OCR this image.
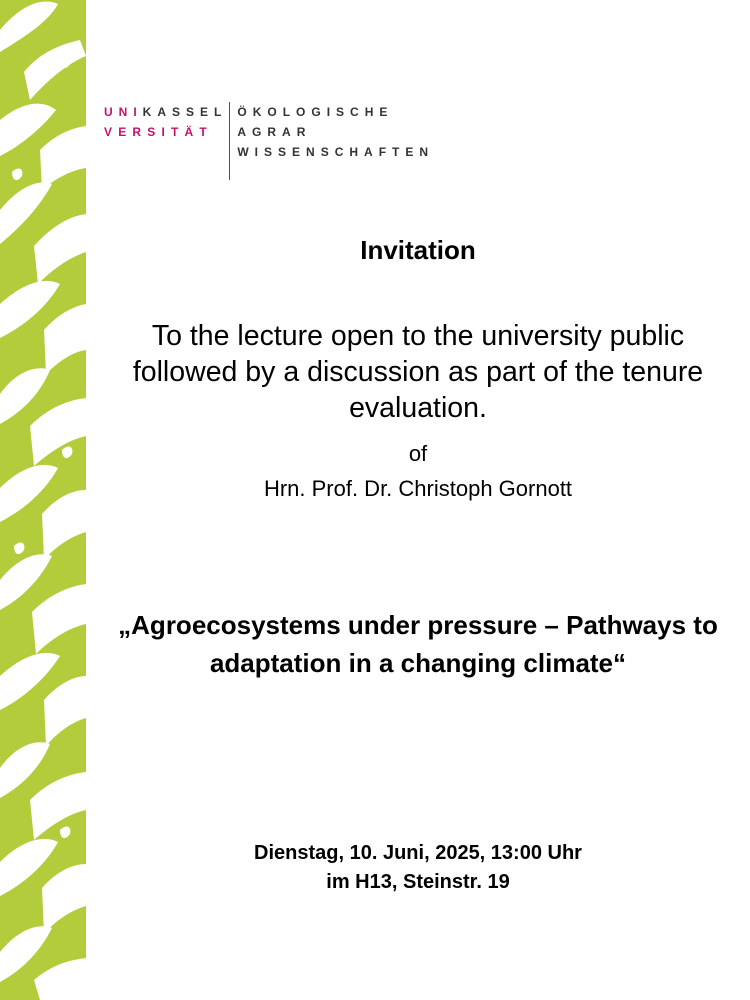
UNIKASSEL
VERSITÄT
ÖKOLOGISCHE
AGRAR
WISSENSCHAFTEN
Invitation

To the lecture open to the university public followed by a discussion as part of the tenure evaluation.

of

Hrn. Prof. Dr. Christoph Gornott

„Agroecosystems under pressure – Pathways to adaptation in a changing climate“

Dienstag, 10. Juni, 2025, 13:00 Uhr

im H13, Steinstr. 19
